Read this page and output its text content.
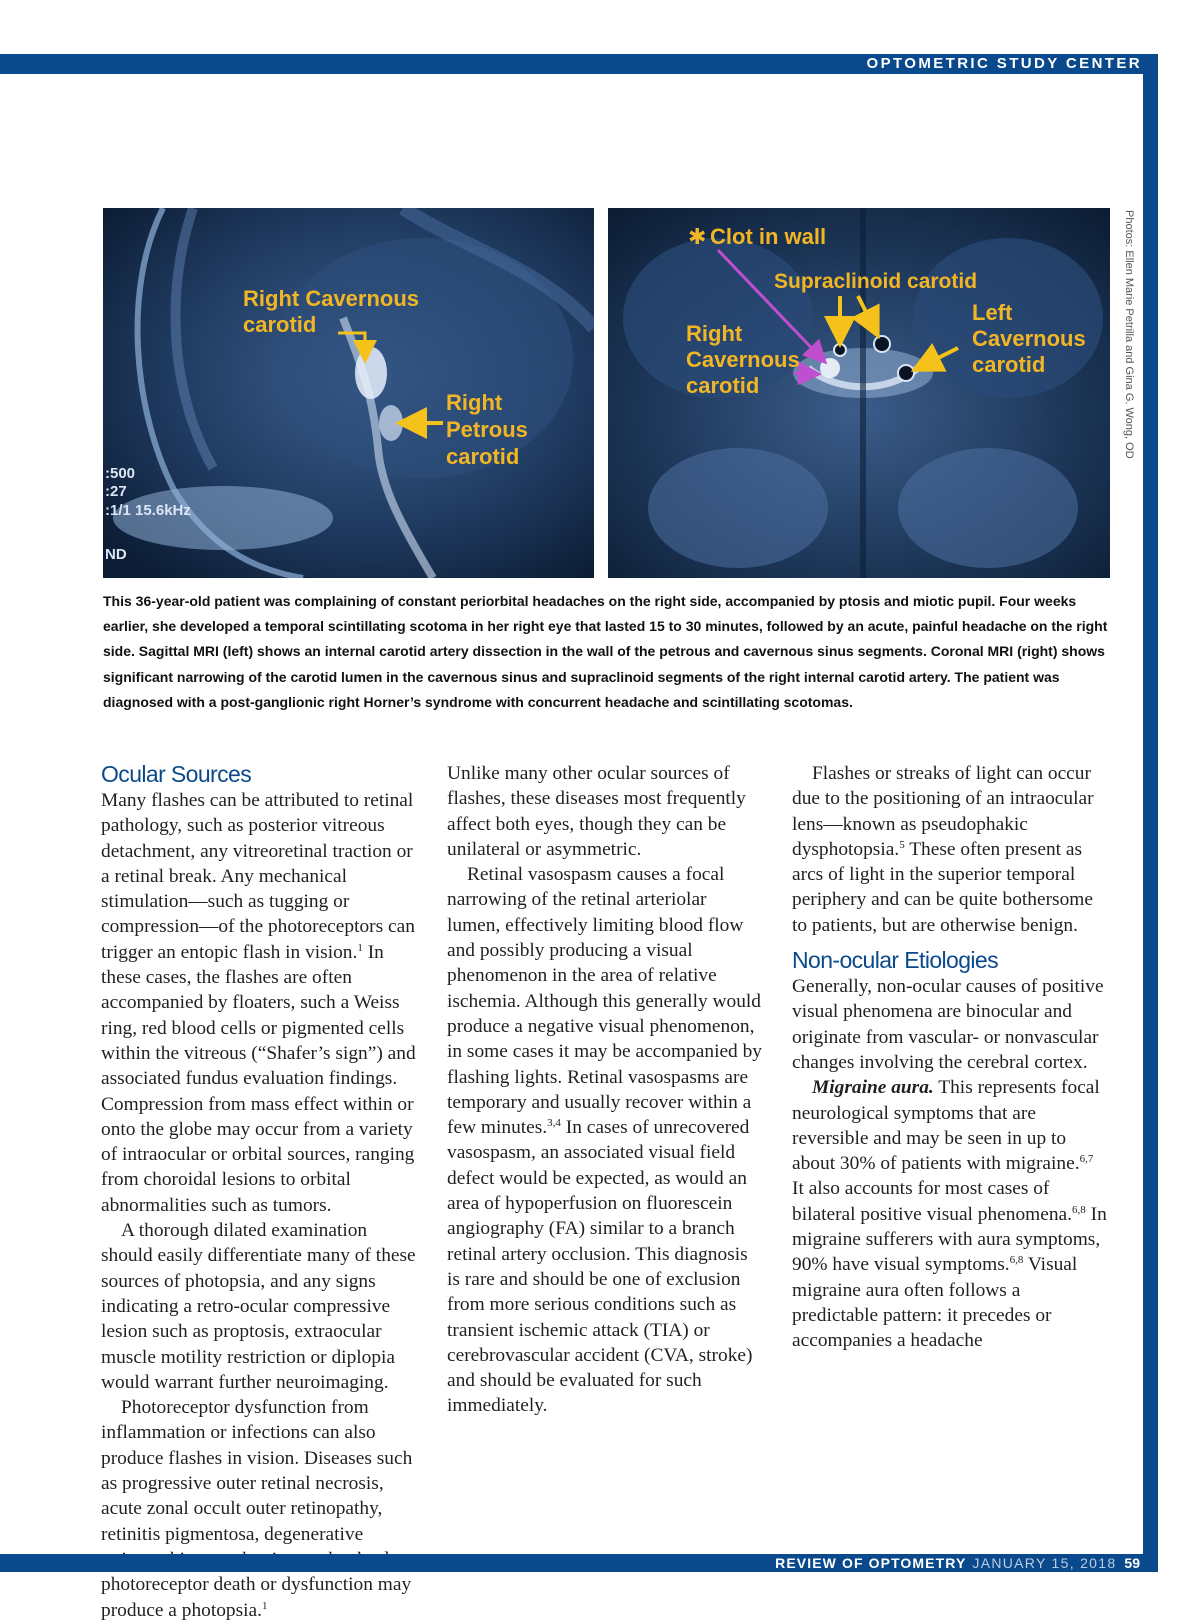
OPTOMETRIC STUDY CENTER
Right Cavernous
carotid
Right
Petrous
carotid
:500
:27
:1/1 15.6kHz
ND
Clot in wall
Supraclinoid carotid
Right
Cavernous
carotid
Left
Cavernous
carotid
✱	Photos: Ellen Marie Petrilla and Gina G. Wong, OD

This 36-year-old patient was complaining of constant periorbital headaches on the right side, accompanied by ptosis and miotic pupil. Four weeks earlier, she developed a temporal scintillating scotoma in her right eye that lasted 15 to 30 minutes, followed by an acute, painful headache on the right side. Sagittal MRI (left) shows an internal carotid artery dissection in the wall of the petrous and cavernous sinus segments. Coronal MRI (right) shows significant narrowing of the carotid lumen in the cavernous sinus and supraclinoid segments of the right internal carotid artery. The patient was diagnosed with a post-ganglionic right Horner’s syndrome with concurrent headache and scintillating scotomas.

Ocular Sources

Many flashes can be attributed to retinal pathology, such as posterior vitreous detachment, any vitreoretinal traction or a retinal break. Any mechanical stimulation—such as tugging or compression—of the photoreceptors can trigger an entopic flash in vision.$^1$ In these cases, the flashes are often accompanied by floaters, such a Weiss ring, red blood cells or pigmented cells within the vitreous (“Shafer’s sign”) and associated fundus evaluation findings. Compression from mass effect within or onto the globe may occur from a variety of intraocular or orbital sources, ranging from choroidal lesions to orbital abnormalities such as tumors.

A thorough dilated examination should easily differentiate many of these sources of photopsia, and any signs indicating a retro-ocular compressive lesion such as proptosis, extraocular muscle motility restriction or diplopia would warrant further neuroimaging.

Photoreceptor dysfunction from inflammation or infections can also produce flashes in vision. Diseases such as progressive outer retinal necrosis, acute zonal occult outer retinopathy, retinitis pigmentosa, degenerative photoreceptor death or dysfunction may produce a photopsia.$^1$

Unlike many other ocular sources of flashes, these diseases most frequently affect both eyes, though they can be unilateral or asymmetric.

Retinal vasospasm causes a focal narrowing of the retinal arteriolar lumen, effectively limiting blood flow and possibly producing a visual phenomenon in the area of relative ischemia. Although this generally would produce a negative visual phenomenon, in some cases it may be accompanied by flashing lights. Retinal vasospasms are temporary and usually recover within a few minutes.$^{3,4}$ In cases of unrecovered vasospasm, an associated visual field defect would be expected, as would an area of hypoperfusion on fluorescein angiography (FA) similar to a branch retinal artery occlusion. This diagnosis is rare and should be one of exclusion from more serious conditions such as transient ischemic attack (TIA) or cerebrovascular accident (CVA, stroke) and should be evaluated for such immediately.

Flashes or streaks of light can occur due to the positioning of an intraocular lens—known as pseudophakic dysphotopsia.$^5$ These often present as arcs of light in the superior temporal periphery and can be quite bothersome to patients, but are otherwise benign.

Non-ocular Etiologies

Generally, non-ocular causes of positive visual phenomena are binocular and originate from vascular- or nonvascular changes involving the cerebral cortex.

Migraine aura. This represents focal neurological symptoms that are reversible and may be seen in up to about 30% of patients with migraine.$^{6,7}$ It also accounts for most cases of bilateral positive visual phenomena.$^{6,8}$ In migraine sufferers with aura symptoms, 90% have visual symptoms.$^{6,8}$ Visual migraine aura often follows a predictable pattern: it precedes or accompanies a headache

REVIEW OF OPTOMETRY JANUARY 15, 2018 59
